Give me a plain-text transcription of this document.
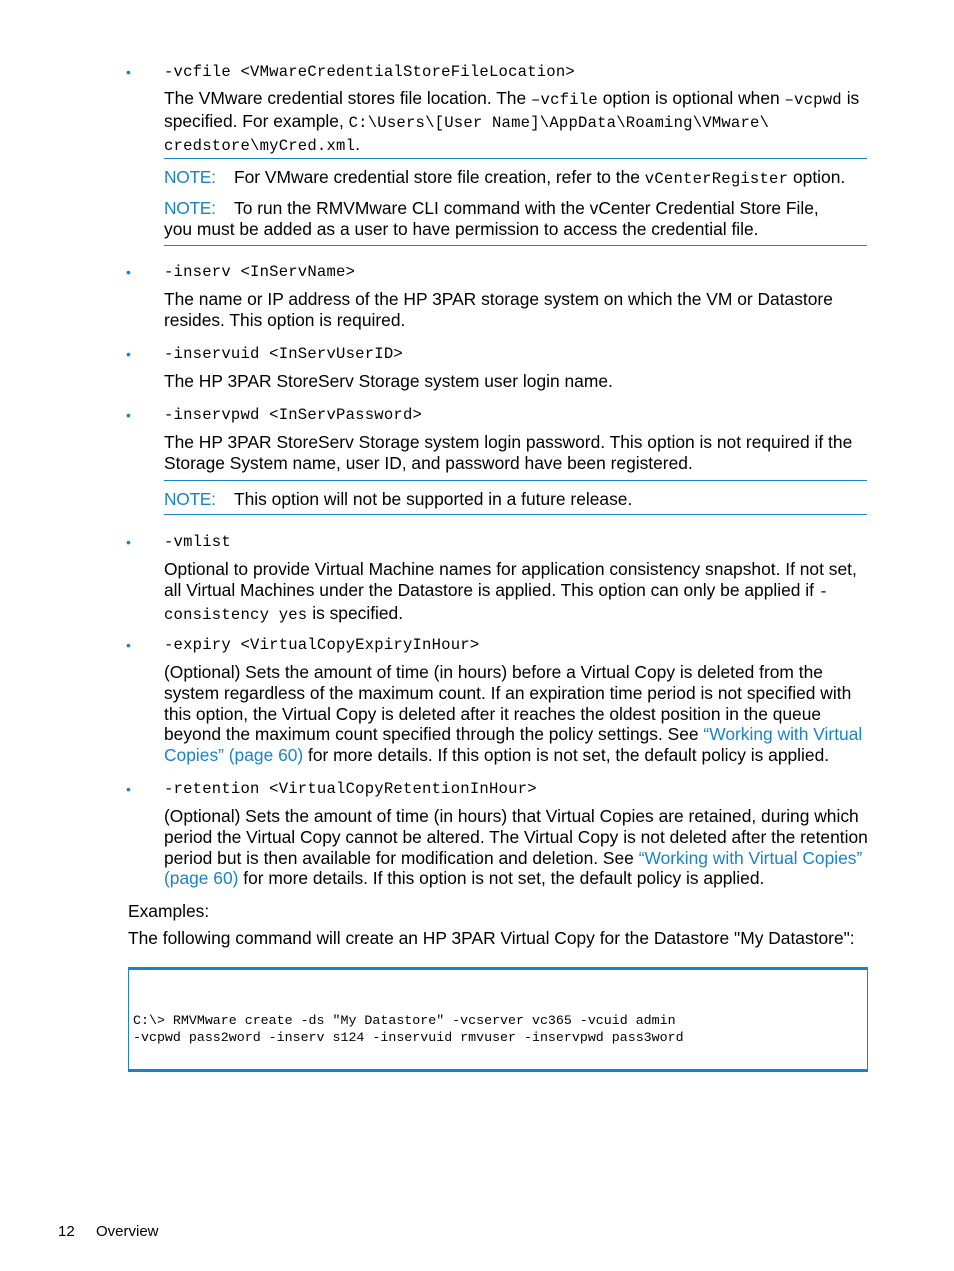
• -vcfile <VMwareCredentialStoreFileLocation>

The VMware credential stores file location. The –vcfile option is optional when –vcpwd is specified. For example, C:\Users\[User Name]\AppData\Roaming\VMware\
credstore\myCred.xml.

NOTE: For VMware credential store file creation, refer to the vCenterRegister option.

NOTE: To run the RMVMware CLI command with the vCenter Credential Store File, you must be added as a user to have permission to access the credential file.

• -inserv <InServName>

The name or IP address of the HP 3PAR storage system on which the VM or Datastore resides. This option is required.

• -inservuid <InServUserID>

The HP 3PAR StoreServ Storage system user login name.

• -inservpwd <InServPassword>

The HP 3PAR StoreServ Storage system login password. This option is not required if the Storage System name, user ID, and password have been registered.

NOTE: This option will not be supported in a future release.

• -vmlist

Optional to provide Virtual Machine names for application consistency snapshot. If not set, all Virtual Machines under the Datastore is applied. This option can only be applied if -consistency yes is specified.

• -expiry <VirtualCopyExpiryInHour>

(Optional) Sets the amount of time (in hours) before a Virtual Copy is deleted from the system regardless of the maximum count. If an expiration time period is not specified with this option, the Virtual Copy is deleted after it reaches the oldest position in the queue beyond the maximum count specified through the policy settings. See “Working with Virtual Copies” (page 60) for more details. If this option is not set, the default policy is applied.

• -retention <VirtualCopyRetentionInHour>

(Optional) Sets the amount of time (in hours) that Virtual Copies are retained, during which period the Virtual Copy cannot be altered. The Virtual Copy is not deleted after the retention period but is then available for modification and deletion. See “Working with Virtual Copies” (page 60) for more details. If this option is not set, the default policy is applied.

Examples:
The following command will create an HP 3PAR Virtual Copy for the Datastore "My Datastore":
C:\> RMVMware create -ds "My Datastore" -vcserver vc365 -vcuid admin
-vcpwd pass2word -inserv s124 -inservuid rmvuser -inservpwd pass3word
12 Overview
